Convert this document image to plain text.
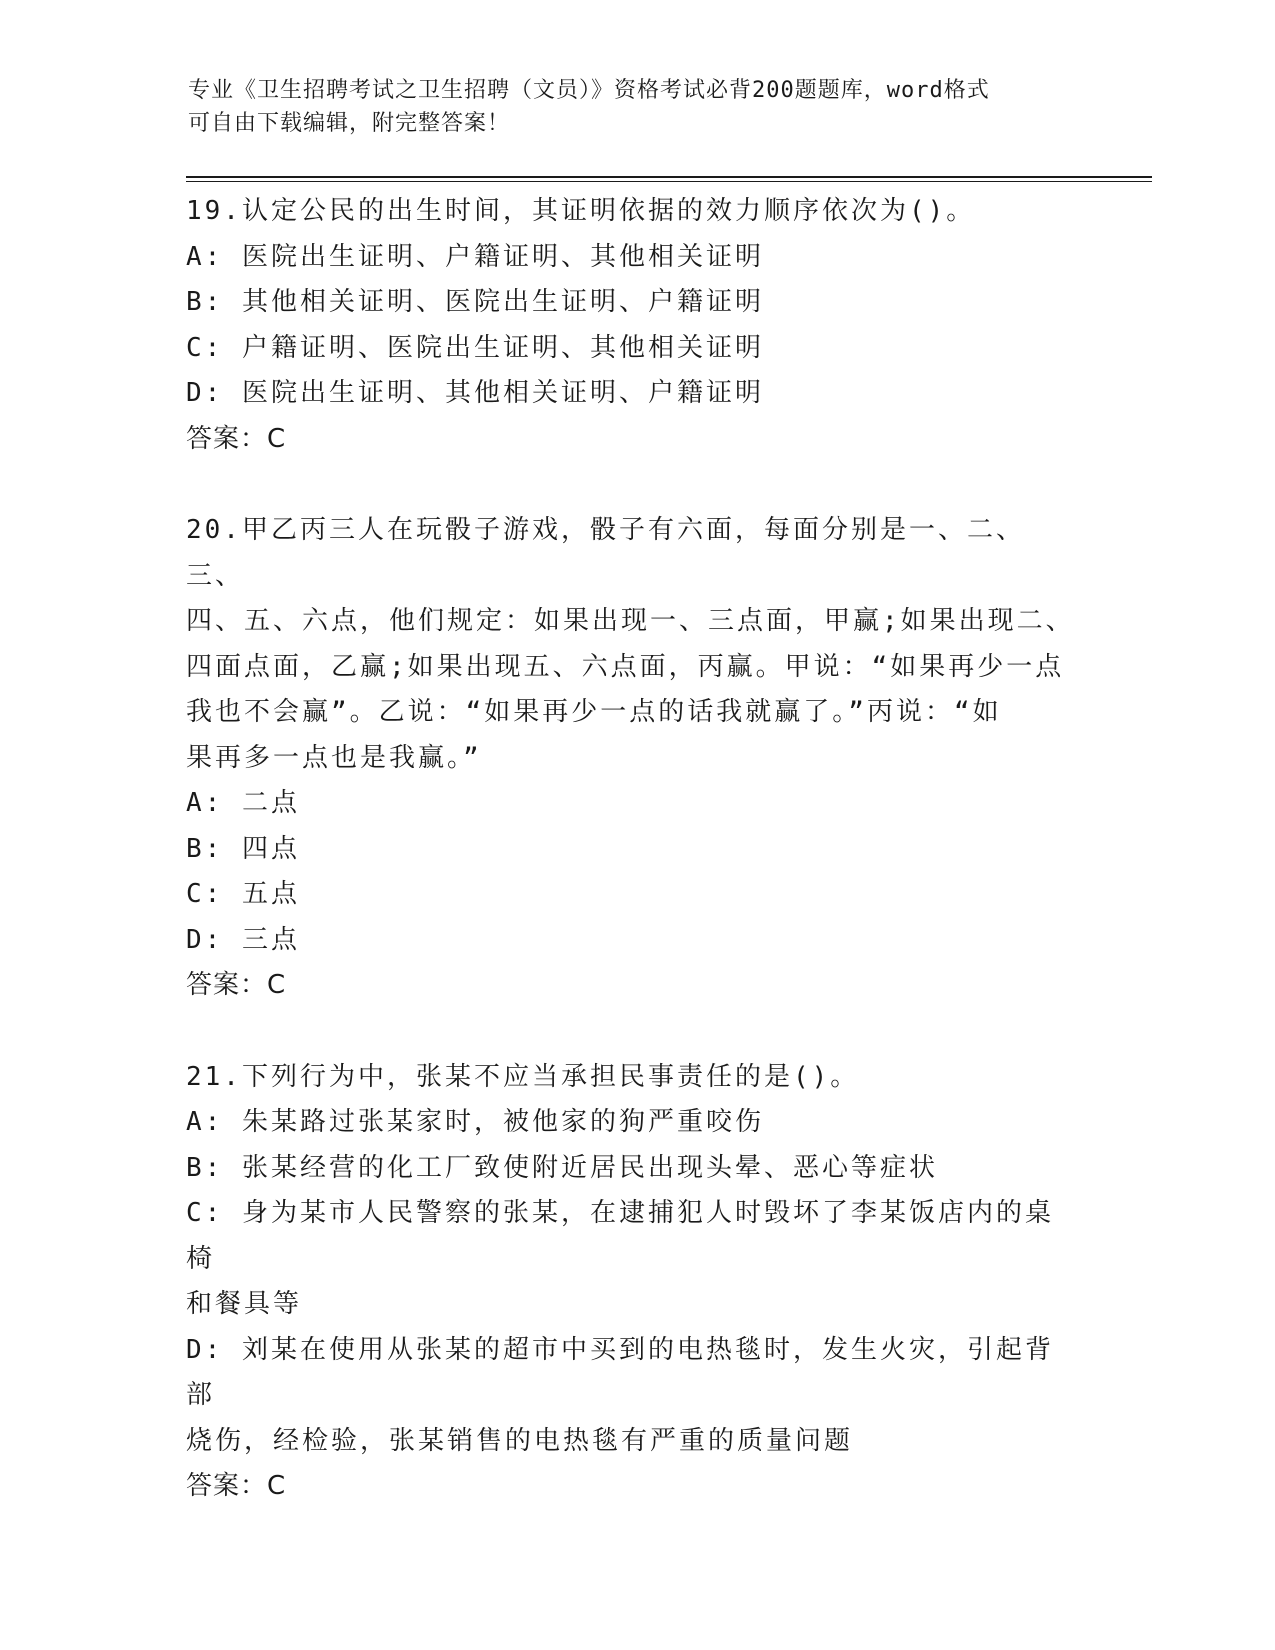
专业《卫生招聘考试之卫生招聘（文员）》资格考试必背200题题库，word格式
可自由下载编辑，附完整答案！
19.认定公民的出生时间，其证明依据的效力顺序依次为()。
A: 医院出生证明、户籍证明、其他相关证明
B: 其他相关证明、医院出生证明、户籍证明
C: 户籍证明、医院出生证明、其他相关证明
D: 医院出生证明、其他相关证明、户籍证明
答案：C
20.甲乙丙三人在玩骰子游戏，骰子有六面，每面分别是一、二、三、
四、五、六点，他们规定：如果出现一、三点面，甲赢;如果出现二、
四面点面，乙赢;如果出现五、六点面，丙赢。甲说：“如果再少一点
我也不会赢”。乙说：“如果再少一点的话我就赢了。”丙说：“如
果再多一点也是我赢。”
A: 二点
B: 四点
C: 五点
D: 三点
答案：C
21.下列行为中，张某不应当承担民事责任的是()。
A: 朱某路过张某家时，被他家的狗严重咬伤
B: 张某经营的化工厂致使附近居民出现头晕、恶心等症状
C: 身为某市人民警察的张某，在逮捕犯人时毁坏了李某饭店内的桌椅
和餐具等
D: 刘某在使用从张某的超市中买到的电热毯时，发生火灾，引起背部
烧伤，经检验，张某销售的电热毯有严重的质量问题
答案：C
